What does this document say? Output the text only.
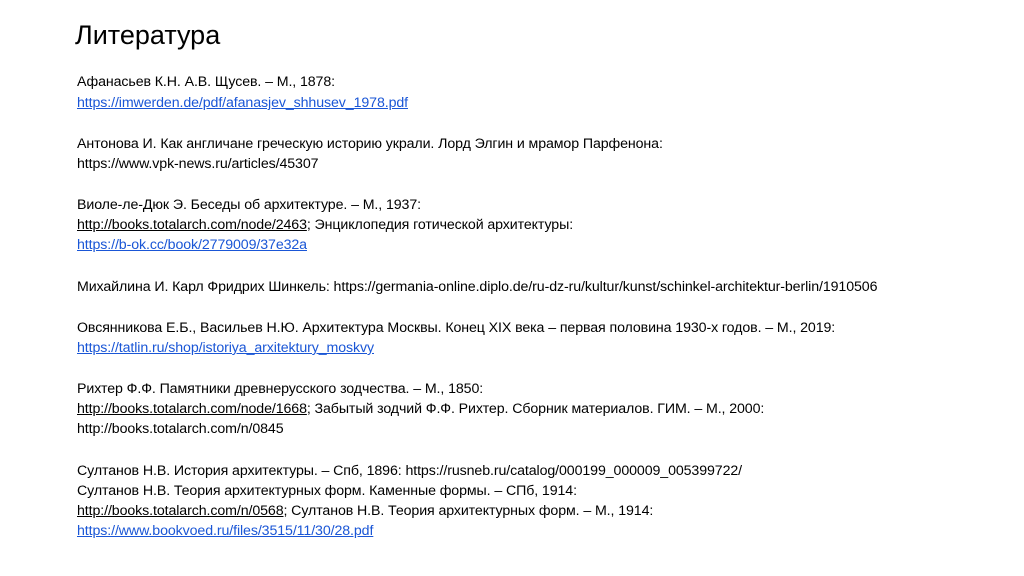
Литература
Афанасьев К.Н. А.В. Щусев. – М., 1878:
https://imwerden.de/pdf/afanasjev_shhusev_1978.pdf
Антонова И. Как англичане греческую историю украли. Лорд Элгин и мрамор Парфенона:
https://www.vpk-news.ru/articles/45307
Виоле-ле-Дюк Э. Беседы об архитектуре. – М., 1937:
http://books.totalarch.com/node/2463; Энциклопедия готической архитектуры:
https://b-ok.cc/book/2779009/37e32a
Михайлина И. Карл Фридрих Шинкель: https://germania-online.diplo.de/ru-dz-ru/kultur/kunst/schinkel-architektur-berlin/1910506
Овсянникова Е.Б., Васильев Н.Ю. Архитектура Москвы. Конец XIX века – первая половина 1930-х годов. – М., 2019:
https://tatlin.ru/shop/istoriya_arxitektury_moskvy
Рихтер Ф.Ф. Памятники древнерусского зодчества. – М., 1850:
http://books.totalarch.com/node/1668; Забытый зодчий Ф.Ф. Рихтер. Сборник материалов. ГИМ. – М., 2000:
http://books.totalarch.com/n/0845
Султанов Н.В. История архитектуры. – Спб, 1896: https://rusneb.ru/catalog/000199_000009_005399722/
Султанов Н.В. Теория архитектурных форм. Каменные формы. – СПб, 1914:
http://books.totalarch.com/n/0568; Султанов Н.В. Теория архитектурных форм. – М., 1914:
https://www.bookvoed.ru/files/3515/11/30/28.pdf
